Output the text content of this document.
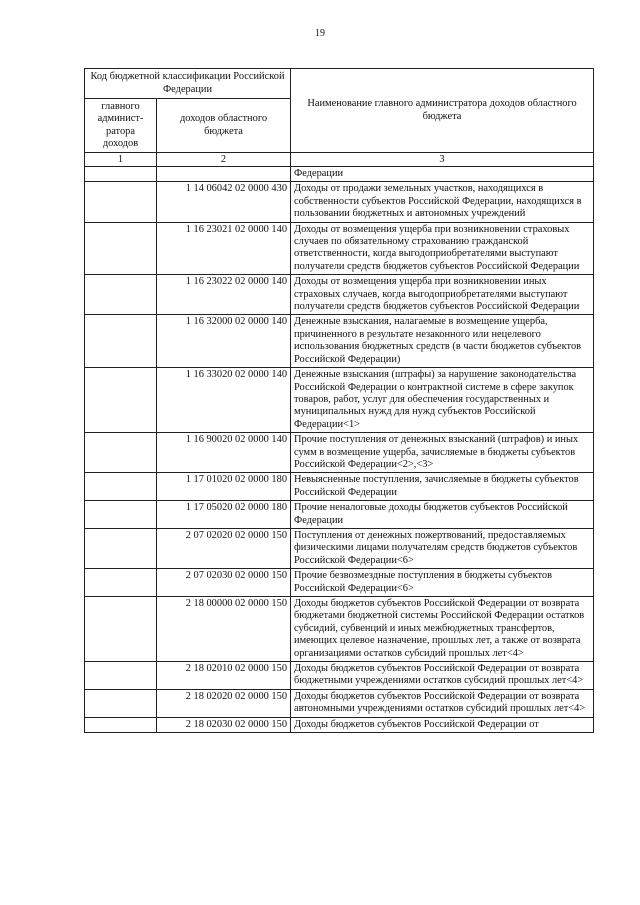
19
Код бюджетной классификации Российской Федерации		Наименование главного администратора доходов областного бюджета
главного админист-ратора доходов	доходов областного бюджета	
1	2	3
		Федерации
	1 14 06042 02 0000 430	Доходы от продажи земельных участков, находящихся в собственности субъектов Российской Федерации, находящихся в пользовании бюджетных и автономных учреждений
	1 16 23021 02 0000 140	Доходы от возмещения ущерба при возникновении страховых случаев по обязательному страхованию гражданской ответственности, когда выгодоприобретателями выступают получатели средств бюджетов субъектов Российской Федерации
	1 16 23022 02 0000 140	Доходы от возмещения ущерба при возникновении иных страховых случаев, когда выгодоприобретателями выступают получатели средств бюджетов субъектов Российской Федерации
	1 16 32000 02 0000 140	Денежные взыскания, налагаемые в возмещение ущерба, причиненного в результате незаконного или нецелевого использования бюджетных средств (в части бюджетов субъектов Российской Федерации)
	1 16 33020 02 0000 140	Денежные взыскания (штрафы) за нарушение законодательства Российской Федерации о контрактной системе в сфере закупок товаров, работ, услуг для обеспечения государственных и муниципальных нужд для нужд субъектов Российской Федерации<1>
	1 16 90020 02 0000 140	Прочие поступления от денежных взысканий (штрафов) и иных сумм в возмещение ущерба, зачисляемые в бюджеты субъектов Российской Федерации<2>,<3>
	1 17 01020 02 0000 180	Невыясненные поступления, зачисляемые в бюджеты субъектов Российской Федерации
	1 17 05020 02 0000 180	Прочие неналоговые доходы бюджетов субъектов Российской Федерации
	2 07 02020 02 0000 150	Поступления от денежных пожертвований, предоставляемых физическими лицами получателям средств бюджетов субъектов Российской Федерации<6>
	2 07 02030 02 0000 150	Прочие безвозмездные поступления в бюджеты субъектов Российской Федерации<6>
	2 18 00000 02 0000 150	Доходы бюджетов субъектов Российской Федерации от возврата бюджетами бюджетной системы Российской Федерации остатков субсидий, субвенций и иных межбюджетных трансфертов, имеющих целевое назначение, прошлых лет, а также от возврата организациями остатков субсидий прошлых лет<4>
	2 18 02010 02 0000 150	Доходы бюджетов субъектов Российской Федерации от возврата бюджетными учреждениями остатков субсидий прошлых лет<4>
	2 18 02020 02 0000 150	Доходы бюджетов субъектов Российской Федерации от возврата автономными учреждениями остатков субсидий прошлых лет<4>
	2 18 02030 02 0000 150	Доходы бюджетов субъектов Российской Федерации от
